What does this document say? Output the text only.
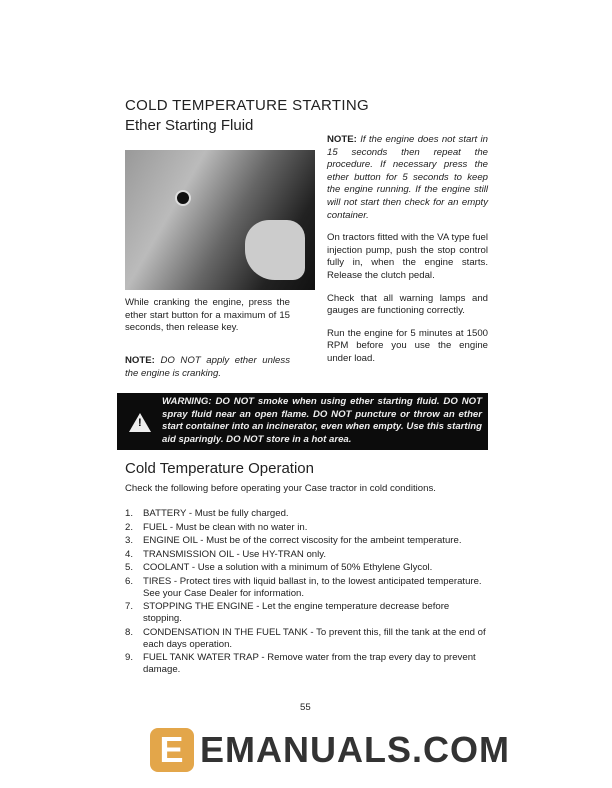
COLD TEMPERATURE STARTING
Ether Starting Fluid
While cranking the engine, press the ether start button for a maximum of 15 seconds, then release key.
NOTE: DO NOT apply ether unless the engine is cranking.

NOTE: If the engine does not start in 15 seconds then repeat the procedure. If necessary press the ether button for 5 seconds to keep the engine running. If the engine still will not start then check for an empty container.

On tractors fitted with the VA type fuel injection pump, push the stop control fully in, when the engine starts. Release the clutch pedal.

Check that all warning lamps and gauges are functioning correctly.

Run the engine for 5 minutes at 1500 RPM before you use the engine under load.

!
WARNING: DO NOT smoke when using ether starting fluid. DO NOT spray fluid near an open flame. DO NOT puncture or throw an ether start container into an incinerator, even when empty. Use this starting aid sparingly. DO NOT store in a hot area.
Cold Temperature Operation
Check the following before operating your Case tractor in cold conditions.
1. BATTERY - Must be fully charged.
2. FUEL - Must be clean with no water in.
3. ENGINE OIL - Must be of the correct viscosity for the ambeint temperature.
4. TRANSMISSION OIL - Use HY-TRAN only.
5. COOLANT - Use a solution with a minimum of 50% Ethylene Glycol.
6. TIRES - Protect tires with liquid ballast in, to the lowest anticipated temperature. See your Case Dealer for information.
7. STOPPING THE ENGINE - Let the engine temperature decrease before stopping.
8. CONDENSATION IN THE FUEL TANK - To prevent this, fill the tank at the end of each days operation.
9. FUEL TANK WATER TRAP - Remove water from the trap every day to prevent damage.
55
E EMANUALS.COM
